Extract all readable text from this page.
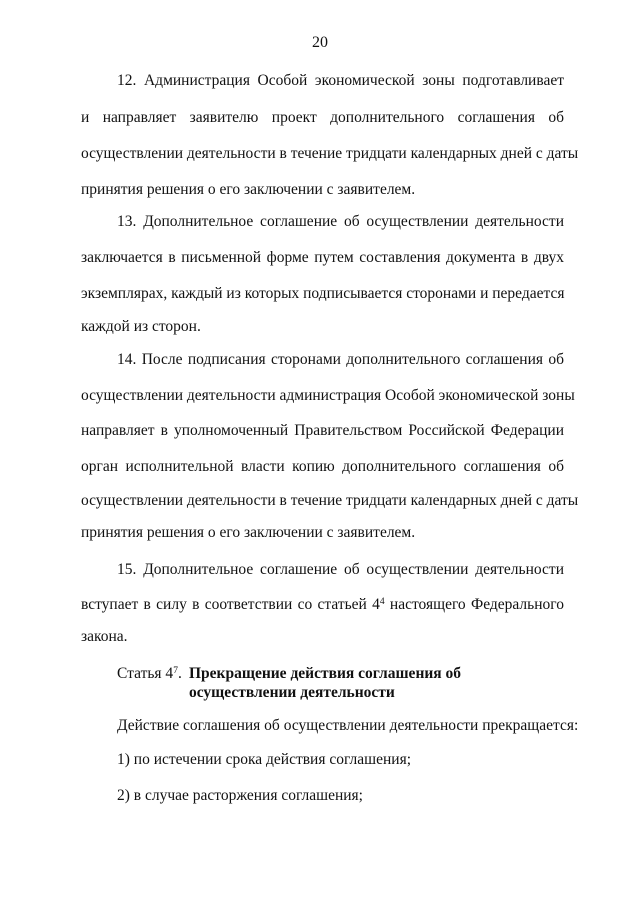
20
12. Администрация Особой экономической зоны подготавливает
и направляет заявителю проект дополнительного соглашения об
осуществлении деятельности в течение тридцати календарных дней с даты
принятия решения о его заключении с заявителем.
13. Дополнительное соглашение об осуществлении деятельности
заключается в письменной форме путем составления документа в двух
экземплярах, каждый из которых подписывается сторонами и передается
каждой из сторон.
14. После подписания сторонами дополнительного соглашения об
осуществлении деятельности администрация Особой экономической зоны
направляет в уполномоченный Правительством Российской Федерации
орган исполнительной власти копию дополнительного соглашения об
осуществлении деятельности в течение тридцати календарных дней с даты
принятия решения о его заключении с заявителем.
15. Дополнительное соглашение об осуществлении деятельности
вступает в силу в соответствии со статьей $4^4$ настоящего Федерального
закона.
Статья $4^7$. Прекращение действия соглашения об осуществлении деятельности
Действие соглашения об осуществлении деятельности прекращается:
1) по истечении срока действия соглашения;
2) в случае расторжения соглашения;
